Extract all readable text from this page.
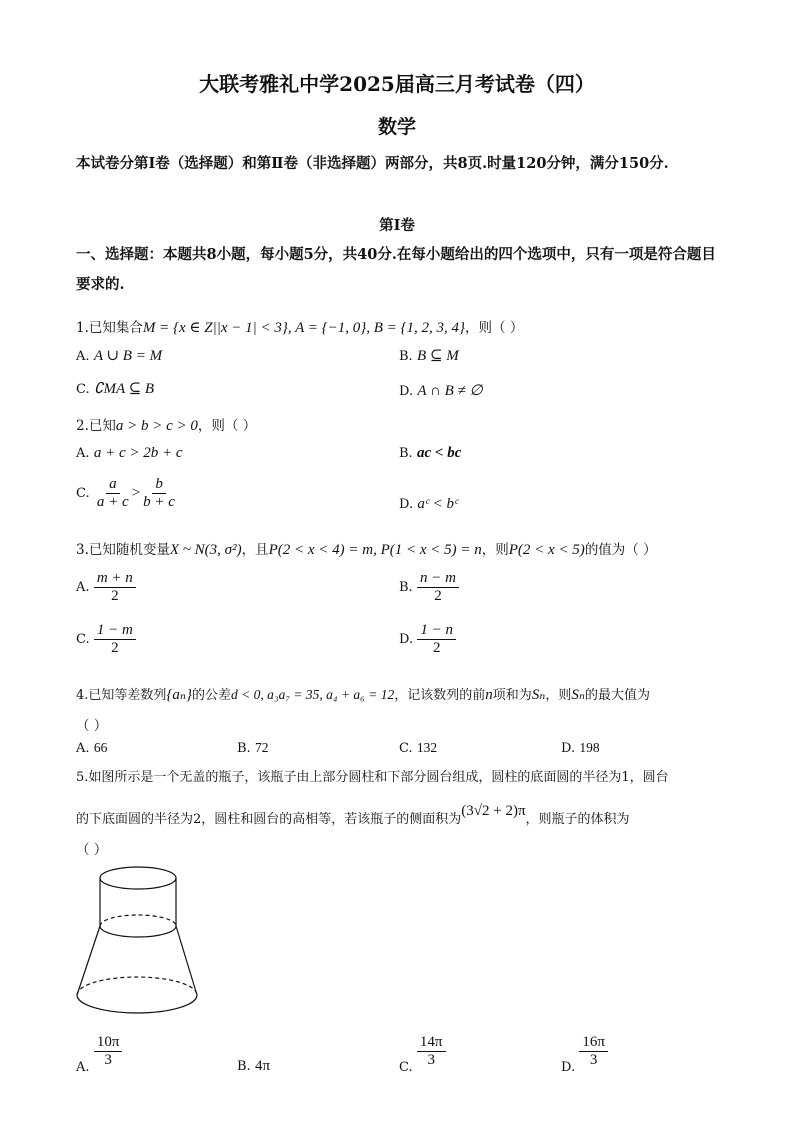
大联考雅礼中学2025届高三月考试卷（四）
数学
本试卷分第Ⅰ卷（选择题）和第Ⅱ卷（非选择题）两部分，共8页.时量120分钟，满分150分.
第Ⅰ卷
一、选择题：本题共8小题，每小题5分，共40分.在每小题给出的四个选项中，只有一项是符合题目要求的.
1.已知集合M = {x ∈ Z||x − 1| < 3}, A = {−1, 0}, B = {1, 2, 3, 4}，则（ ）
A. A ∪ B = M	B. B ⊆ M
C. ∁MA ⊆ B	D. A ∩ B ≠ ∅
2.已知a > b > c > 0，则（ ）
A. a + c > 2b + c	B. ac < bc
C. $\frac{a}{a + c} > \frac{b}{b + c}$	D. aᶜ < bᶜ
3.已知随机变量X ~ N(3, σ²)，且P(2 < x < 4) = m, P(1 < x < 5) = n，则P(2 < x < 5)的值为（ ）
A. $\frac{m + n}{2}$	B. $\frac{n - m}{2}$
C. $\frac{1 - m}{2}$	D. $\frac{1 - n}{2}$
4.已知等差数列{aₙ}的公差d < 0, a₃a₇ = 35, a₄ + a₆ = 12，记该数列的前n项和为Sₙ，则Sₙ的最大值为
（ ）
A. 66	B. 72	C. 132	D. 198
5.如图所示是一个无盖的瓶子，该瓶子由上部分圆柱和下部分圆台组成，圆柱的底面圆的半径为1，圆台
的下底面圆的半径为2，圆柱和圆台的高相等，若该瓶子的侧面积为(3√2 + 2)π，则瓶子的体积为
（ ）
A. $\frac{10\pi}{3}$	B. 4π	C. $\frac{14\pi}{3}$	D. $\frac{16\pi}{3}$
